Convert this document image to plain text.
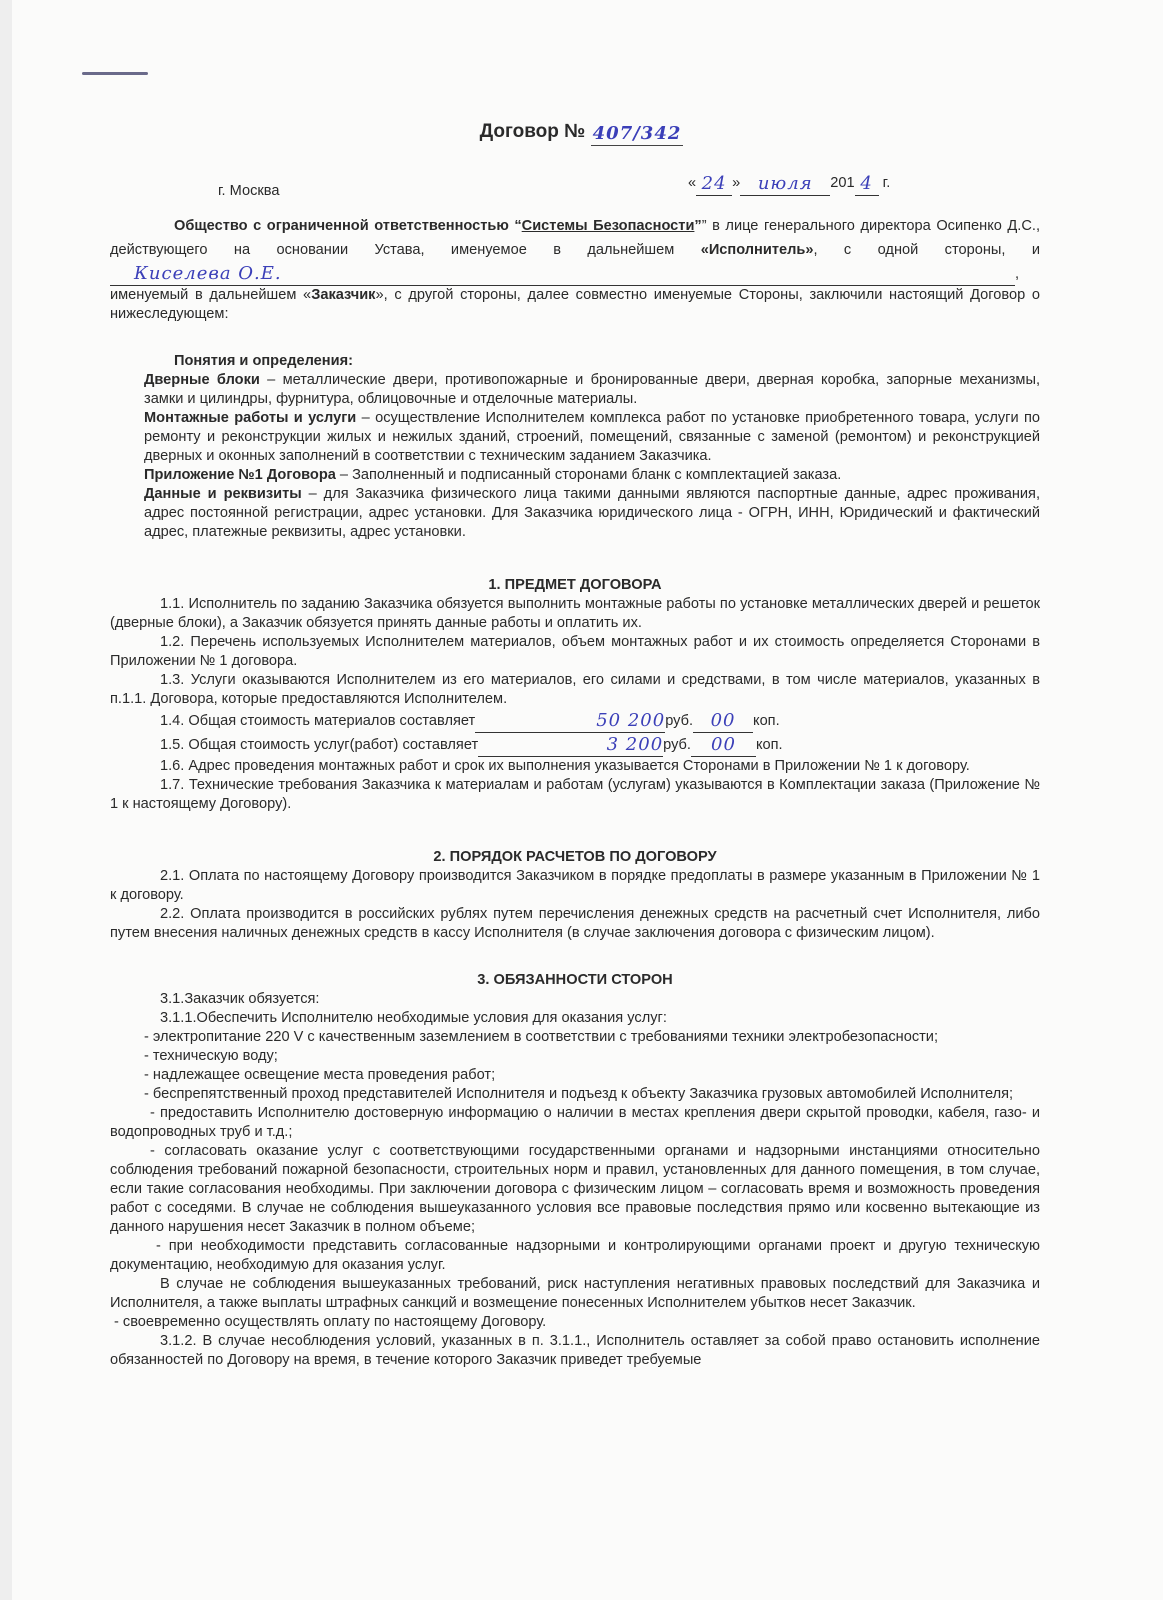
Договор № 407/342
г. Москва	« 24 » июля 201 4 г.

Общество с ограниченной ответственностью “Системы Безопасности”” в лице генерального директора Осипенко Д.С., действующего на основании Устава, именуемое в дальнейшем «Исполнитель», с одной стороны, иКиселева О.Е.	,

именуемый в дальнейшем «Заказчик», с другой стороны, далее совместно именуемые Стороны, заключили настоящий Договор о нижеследующем:

Понятия и определения:

Дверные блоки – металлические двери, противопожарные и бронированные двери, дверная коробка, запорные механизмы, замки и цилиндры, фурнитура, облицовочные и отделочные материалы.

Монтажные работы и услуги – осуществление Исполнителем комплекса работ по установке приобретенного товара, услуги по ремонту и реконструкции жилых и нежилых зданий, строений, помещений, связанные с заменой (ремонтом) и реконструкцией дверных и оконных заполнений в соответствии с техническим заданием Заказчика.

Приложение №1 Договора – Заполненный и подписанный сторонами бланк с комплектацией заказа.

Данные и реквизиты – для Заказчика физического лица такими данными являются паспортные данные, адрес проживания, адрес постоянной регистрации, адрес установки. Для Заказчика юридического лица - ОГРН, ИНН, Юридический и фактический адрес, платежные реквизиты, адрес установки.

1. ПРЕДМЕТ ДОГОВОРА

1.1. Исполнитель по заданию Заказчика обязуется выполнить монтажные работы по установке металлических дверей и решеток (дверные блоки), а Заказчик обязуется принять данные работы и оплатить их.

1.2. Перечень используемых Исполнителем материалов, объем монтажных работ и их стоимость определяется Сторонами в Приложении № 1 договора.

1.3. Услуги оказываются Исполнителем из его материалов, его силами и средствами, в том числе материалов, указанных в п.1.1. Договора, которые предоставляются Исполнителем.

1.4. Общая стоимость материалов составляет	50 200руб. 00 коп.

1.5. Общая стоимость услуг(работ) составляет	3 200руб. 00 коп.

1.6. Адрес проведения монтажных работ и срок их выполнения указывается Сторонами в Приложении № 1 к договору.

1.7. Технические требования Заказчика к материалам и работам (услугам) указываются в Комплектации заказа (Приложение № 1 к настоящему Договору).

2. ПОРЯДОК РАСЧЕТОВ ПО ДОГОВОРУ

2.1. Оплата по настоящему Договору производится Заказчиком в порядке предоплаты в размере указанным в Приложении № 1 к договору.

2.2. Оплата производится в российских рублях путем перечисления денежных средств на расчетный счет Исполнителя, либо путем внесения наличных денежных средств в кассу Исполнителя (в случае заключения договора с физическим лицом).

3. ОБЯЗАННОСТИ СТОРОН

3.1.Заказчик обязуется:

3.1.1.Обеспечить Исполнителю необходимые условия для оказания услуг:

- электропитание 220 V с качественным заземлением в соответствии с требованиями техники электробезопасности;

- техническую воду;

- надлежащее освещение места проведения работ;

- беспрепятственный проход представителей Исполнителя и подъезд к объекту Заказчика грузовых автомобилей Исполнителя;

- предоставить Исполнителю достоверную информацию о наличии в местах крепления двери скрытой проводки, кабеля, газо- и водопроводных труб и т.д.;

- согласовать оказание услуг с соответствующими государственными органами и надзорными инстанциями относительно соблюдения требований пожарной безопасности, строительных норм и правил, установленных для данного помещения, в том случае, если такие согласования необходимы. При заключении договора с физическим лицом – согласовать время и возможность проведения работ с соседями. В случае не соблюдения вышеуказанного условия все правовые последствия прямо или косвенно вытекающие из данного нарушения несет Заказчик в полном объеме;

- при необходимости представить согласованные надзорными и контролирующими органами проект и другую техническую документацию, необходимую для оказания услуг.

В случае не соблюдения вышеуказанных требований, риск наступления негативных правовых последствий для Заказчика и Исполнителя, а также выплаты штрафных санкций и возмещение понесенных Исполнителем убытков несет Заказчик.

- своевременно осуществлять оплату по настоящему Договору.

3.1.2. В случае несоблюдения условий, указанных в п. 3.1.1., Исполнитель оставляет за собой право остановить исполнение обязанностей по Договору на время, в течение которого Заказчик приведет требуемые
